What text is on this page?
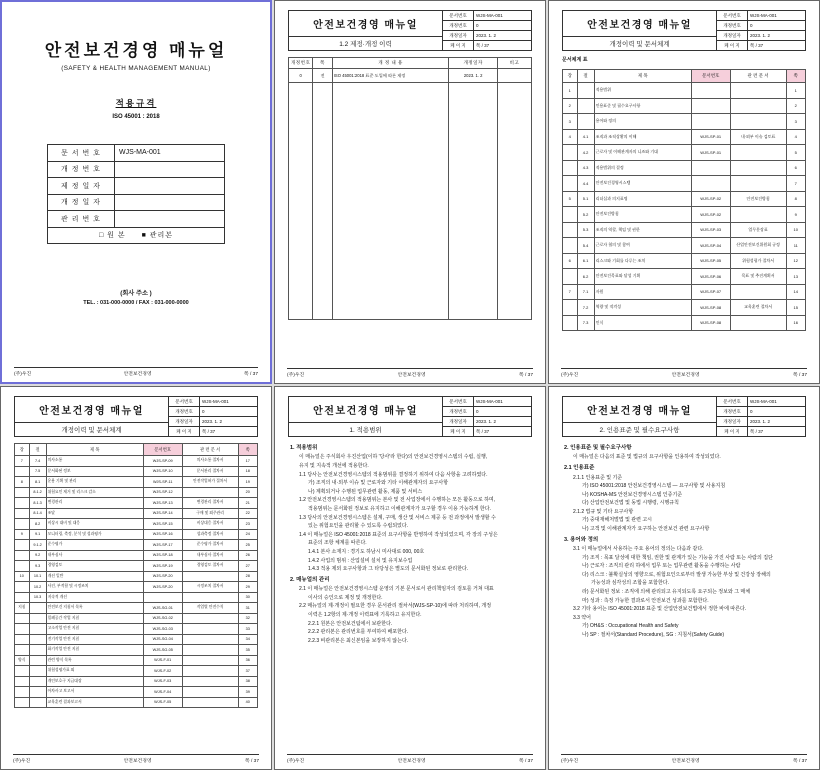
안전보건경영 매뉴얼
(SAFETY & HEALTH MANAGEMENT MANUAL)
적용규격
ISO 45001 : 2018
문 서 번 호	WJS-MA-001
개 정 번 호	
제 정 일 자	
개 정 일 자	
관 리 번 호	
□ 원 본　　■ 관리본	
(회사 주소 )
TEL. : 031-000-0000 / FAX : 031-000-0000
(주)우진	안전보건경영	쪽 / 37
안전보건경영 매뉴얼
1.2 제정·개정 이력
문서번호	WJS-MA-001
개정번호	0
개정일자	2023. 1. 2
페 이 지	쪽 / 37
개정번호	쪽	개 정 내 용	개정일자	비고
0	전	ISO 45001:2018 표준 도입에 따른 제정	2023. 1. 2	

(주)우진	안전보건경영	쪽 / 37
안전보건경영 매뉴얼
개정이력 및 문서체계
문서번호	WJS-MA-001
개정번호	0
개정일자	2023. 1. 2
페 이 지	쪽 / 37
문서체계 표
장	절	제 목	문서번호	관 련 문 서	쪽
1		적용범위			1
2		인용표준 및 필수요구사항			2
3		용어와 정의			3
4	4.1	조직과 조직상황의 이해	WJS-SP-01	내·외부 이슈 검토표	4
	4.2	근로자 및 이해관계자의 니즈와 기대	WJS-SP-01		5
	4.3	적용범위의 결정			6
	4.4	안전보건경영시스템			7
5	5.1	리더십과 의지표명	WJS-SP-02	안전보건방침	8
	5.2	안전보건방침	WJS-SP-02		9
	5.3	조직의 역할, 책임 및 권한	WJS-SP-03	업무분장표	10
	5.4	근로자 협의 및 참여	WJS-SP-04	산업안전보건위원회 규정	11
6	6.1	리스크와 기회를 다루는 조치	WJS-SP-05	위험성평가 절차서	12
	6.2	안전보건목표와 달성 기획	WJS-SP-06	목표 및 추진계획서	13
7	7.1	자원	WJS-SP-07		14
	7.2	역량 및 적격성	WJS-SP-08	교육훈련 절차서	15
	7.3	인식	WJS-SP-08		16
(주)우진	안전보건경영	쪽 / 37
안전보건경영 매뉴얼
개정이력 및 문서체계
문서번호	WJS-MA-001
개정번호	0
개정일자	2023. 1. 2
페 이 지	쪽 / 37
장	절	제 목	문서번호	관 련 문 서	쪽
7	7.4	의사소통	WJS-SP-09	의사소통 절차서	17
	7.5	문서화된 정보	WJS-SP-10	문서관리 절차서	18
8	8.1	운용 기획 및 관리	WJS-SP-11	안전작업허가 절차서	19
	8.1.2	위험요인 제거 및 리스크 감소	WJS-SP-12		20
	8.1.3	변경관리	WJS-SP-13	변경관리 절차서	21
	8.1.4	조달	WJS-SP-14	구매 및 외주관리	22
	8.2	비상시 대비 및 대응	WJS-SP-15	비상대응 절차서	23
9	9.1	모니터링, 측정, 분석 및 성과평가	WJS-SP-16	성과측정 절차서	24
	9.1.2	준수평가	WJS-SP-17	준수평가 절차서	25
	9.2	내부심사	WJS-SP-18	내부심사 절차서	26
	9.3	경영검토	WJS-SP-19	경영검토 절차서	27
10	10.1	개선 일반	WJS-SP-20		28
	10.2	사건, 부적합 및 시정조치	WJS-SP-20	시정조치 절차서	29
	10.3	지속적 개선			30
지침		안전보건 지침서 목록	WJS-SG-01	작업별 안전수칙	31
		밀폐공간 작업 지침	WJS-SG-02		32
		고소작업 안전 지침	WJS-SG-03		33
		전기작업 안전 지침	WJS-SG-04		34
		화기작업 안전 지침	WJS-SG-05		35
양식		관련 양식 목록	WJS-F-01		36
		위험성평가표 외	WJS-F-02		37
		개인보호구 지급대장	WJS-F-03		38
		아차사고 보고서	WJS-F-04		39
		교육훈련 결과보고서	WJS-F-05		40
(주)우진	안전보건경영	쪽 / 37
안전보건경영 매뉴얼
1. 적용범위
문서번호	WJS-MA-001
개정번호	0
개정일자	2023. 1. 2
페 이 지	쪽 / 37
1. 적용범위
이 매뉴얼은 주식회사 우진산업(이하 '당사'라 한다)의 안전보건경영시스템의 수립, 실행,
유지 및 지속적 개선에 적용한다.
1.1 당사는 안전보건경영시스템의 적용범위를 결정하기 위하여 다음 사항을 고려하였다.
가) 조직의 내·외부 이슈 및 근로자와 기타 이해관계자의 요구사항
나) 계획되거나 수행된 업무관련 활동, 제품 및 서비스
1.2 안전보건경영시스템의 적용범위는 본사 및 전 사업장에서 수행하는 모든 활동으로 하며,
적용범위는 문서화된 정보로 유지하고 이해관계자가 요구할 경우 이용 가능하게 한다.
1.3 당사의 안전보건경영시스템은 설계, 구매, 생산 및 서비스 제공 등 전 과정에서 발생할 수
있는 위험요인을 관리할 수 있도록 수립되었다.
1.4 이 매뉴얼은 ISO 45001:2018 표준의 요구사항을 반영하여 작성되었으며, 각 장의 구성은
표준의 조항 체계를 따른다.
1.4.1 본사 소재지 : 경기도 하남시 미사대로 000, 00호
1.4.2 사업의 범위 : 산업설비 설치 및 유지보수업
1.4.3 적용 제외 요구사항과 그 타당성은 별도의 문서화된 정보로 관리한다.
2. 매뉴얼의 관리
2.1 이 매뉴얼은 안전보건경영시스템 운영의 기본 문서로서 관리책임자의 검토를 거쳐 대표
이사의 승인으로 제정 및 개정한다.
2.2 매뉴얼의 제·개정이 필요한 경우 문서관리 절차서(WJS-SP-10)에 따라 처리하며, 개정
이력은 1.2항의 제·개정 이력표에 기록하고 유지한다.
2.2.1 원본은 안전보건팀에서 보관한다.
2.2.2 관리본은 관리번호를 부여하여 배포한다.
2.2.3 비관리본은 최신본임을 보장하지 않는다.
(주)우진	안전보건경영	쪽 / 37
안전보건경영 매뉴얼
2. 인용표준 및 필수요구사항
문서번호	WJS-MA-001
개정번호	0
개정일자	2023. 1. 2
페 이 지	쪽 / 37
2. 인용표준 및 필수요구사항
이 매뉴얼은 다음의 표준 및 법규의 요구사항을 인용하여 작성되었다.
2.1 인용표준
2.1.1 인용표준 및 기준
가) ISO 45001:2018 안전보건경영시스템 — 요구사항 및 사용지침
나) KOSHA-MS 안전보건경영시스템 인증기준
다) 산업안전보건법 및 동법 시행령, 시행규칙
2.1.2 법규 및 기타 요구사항
가) 중대재해처벌법 및 관련 고시
나) 고객 및 이해관계자가 요구하는 안전보건 관련 요구사항
3. 용어와 정의
3.1 이 매뉴얼에서 사용하는 주요 용어의 정의는 다음과 같다.
가) 조직 : 목표 달성에 대한 책임, 권한 및 관계가 있는 기능을 가진 사람 또는 사람의 집단
나) 근로자 : 조직의 관리 하에서 업무 또는 업무관련 활동을 수행하는 사람
다) 리스크 : 불확실성의 영향으로, 위험요인으로부터 발생 가능한 부상 및 건강상 장해의
가능성과 심각성의 조합을 포함한다.
라) 문서화된 정보 : 조직에 의해 관리되고 유지되도록 요구되는 정보와 그 매체
마) 성과 : 측정 가능한 결과로서 안전보건 성과를 포함한다.
3.2 기타 용어는 ISO 45001:2018 표준 및 산업안전보건법에서 정한 바에 따른다.
3.3 약어
가) OH&S : Occupational Health and Safety
나) SP : 절차서(Standard Procedure), SG : 지침서(Safety Guide)
(주)우진	안전보건경영	쪽 / 37
